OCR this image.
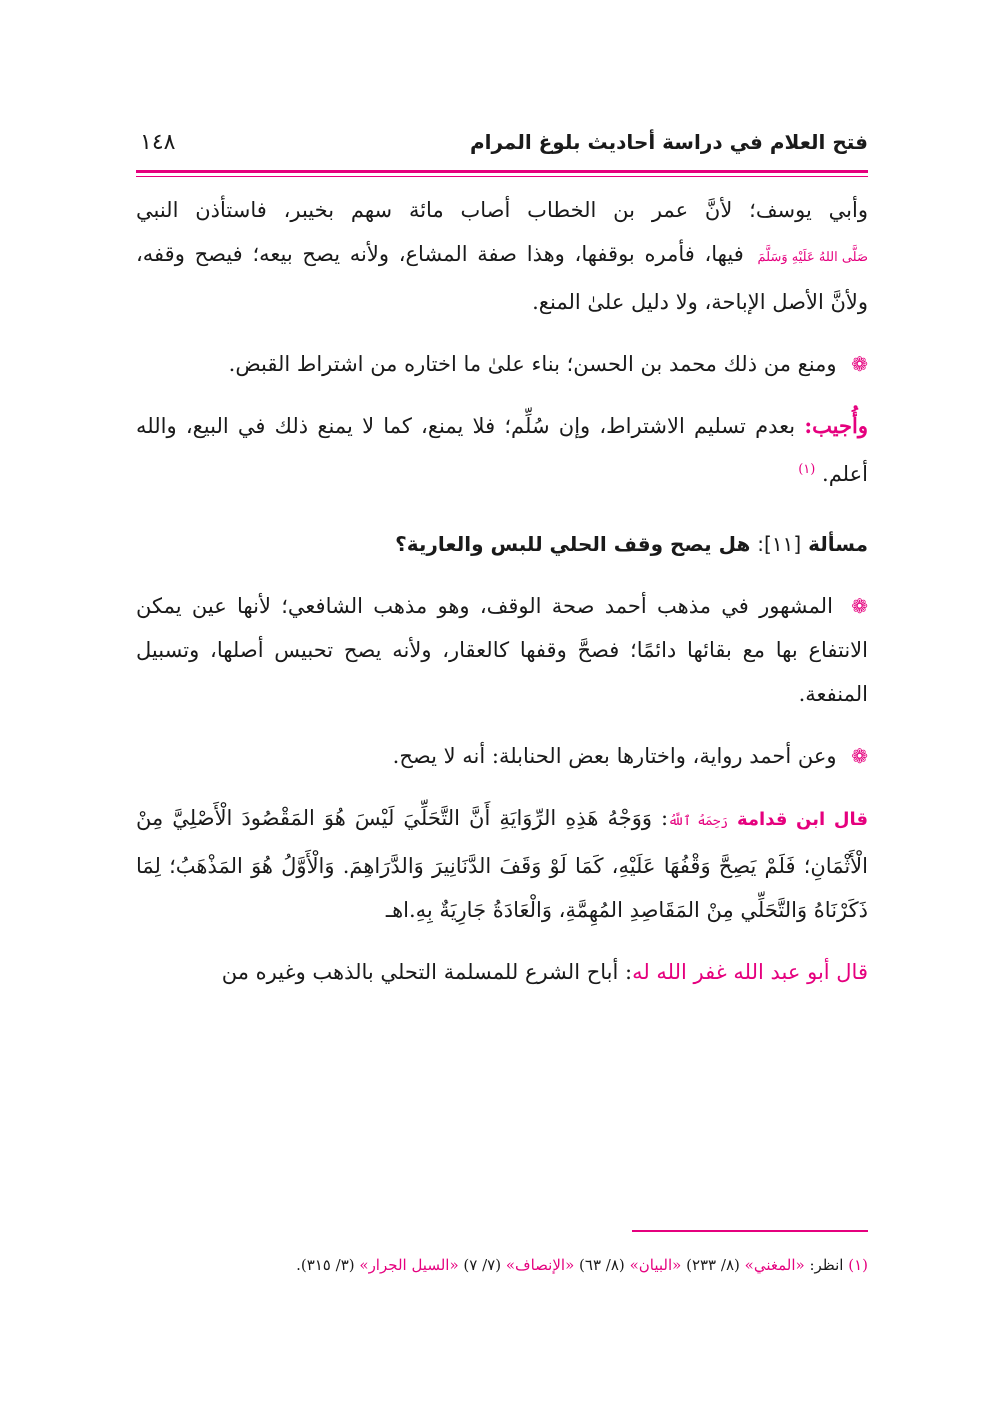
فتح العلام في دراسة أحاديث بلوغ المرام
١٤٨

وأبي يوسف؛ لأنَّ عمر بن الخطاب أصاب مائة سهم بخيبر، فاستأذن النبي صَلَّى اللهُ عَلَيْهِ وَسَلَّمَ فيها، فأمره بوقفها، وهذا صفة المشاع، ولأنه يصح بيعه؛ فيصح وقفه، ولأنَّ الأصل الإباحة، ولا دليل علىٰ المنع.

❁ ومنع من ذلك محمد بن الحسن؛ بناء علىٰ ما اختاره من اشتراط القبض.

وأُجيب: بعدم تسليم الاشتراط، وإن سُلِّم؛ فلا يمنع، كما لا يمنع ذلك في البيع، والله أعلم. $^{(١)}$

مسألة [١١]: هل يصح وقف الحلي للبس والعارية؟

❁ المشهور في مذهب أحمد صحة الوقف، وهو مذهب الشافعي؛ لأنها عين يمكن الانتفاع بها مع بقائها دائمًا؛ فصحَّ وقفها كالعقار، ولأنه يصح تحبيس أصلها، وتسبيل المنفعة.

❁ وعن أحمد رواية، واختارها بعض الحنابلة: أنه لا يصح.

قال ابن قدامة رَحِمَهُ ٱللَّهُ: وَوَجْهُ هَذِهِ الرِّوَايَةِ أَنَّ التَّحَلِّيَ لَيْسَ هُوَ المَقْصُودَ الْأَصْلِيَّ مِنْ الْأَثْمَانِ؛ فَلَمْ يَصِحَّ وَقْفُهَا عَلَيْهِ، كَمَا لَوْ وَقَفَ الدَّنَانِيرَ وَالدَّرَاهِمَ. وَالْأَوَّلُ هُوَ المَذْهَبُ؛ لِمَا ذَكَرْنَاهُ وَالتَّحَلِّي مِنْ المَقَاصِدِ المُهِمَّةِ، وَالْعَادَةُ جَارِيَةٌ بِهِ.اهـ

قال أبو عبد الله غفر الله له: أباح الشرع للمسلمة التحلي بالذهب وغيره من

(١) انظر: «المغني» (٨/ ٢٣٣) «البيان» (٨/ ٦٣) «الإنصاف» (٧/ ٧) «السيل الجرار» (٣/ ٣١٥).
